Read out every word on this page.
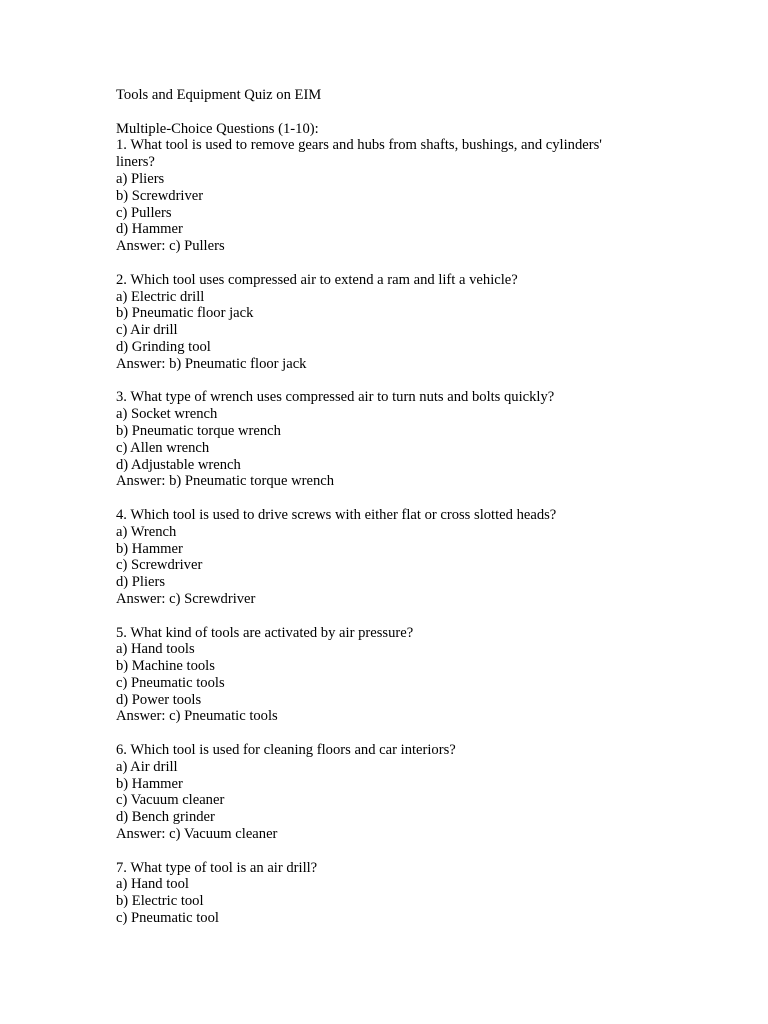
Tools and Equipment Quiz on EIM
Multiple-Choice Questions (1-10):
1. What tool is used to remove gears and hubs from shafts, bushings, and cylinders'
liners?
a) Pliers
b) Screwdriver
c) Pullers
d) Hammer
Answer: c) Pullers
2. Which tool uses compressed air to extend a ram and lift a vehicle?
a) Electric drill
b) Pneumatic floor jack
c) Air drill
d) Grinding tool
Answer: b) Pneumatic floor jack
3. What type of wrench uses compressed air to turn nuts and bolts quickly?
a) Socket wrench
b) Pneumatic torque wrench
c) Allen wrench
d) Adjustable wrench
Answer: b) Pneumatic torque wrench
4. Which tool is used to drive screws with either flat or cross slotted heads?
a) Wrench
b) Hammer
c) Screwdriver
d) Pliers
Answer: c) Screwdriver
5. What kind of tools are activated by air pressure?
a) Hand tools
b) Machine tools
c) Pneumatic tools
d) Power tools
Answer: c) Pneumatic tools
6. Which tool is used for cleaning floors and car interiors?
a) Air drill
b) Hammer
c) Vacuum cleaner
d) Bench grinder
Answer: c) Vacuum cleaner
7. What type of tool is an air drill?
a) Hand tool
b) Electric tool
c) Pneumatic tool
